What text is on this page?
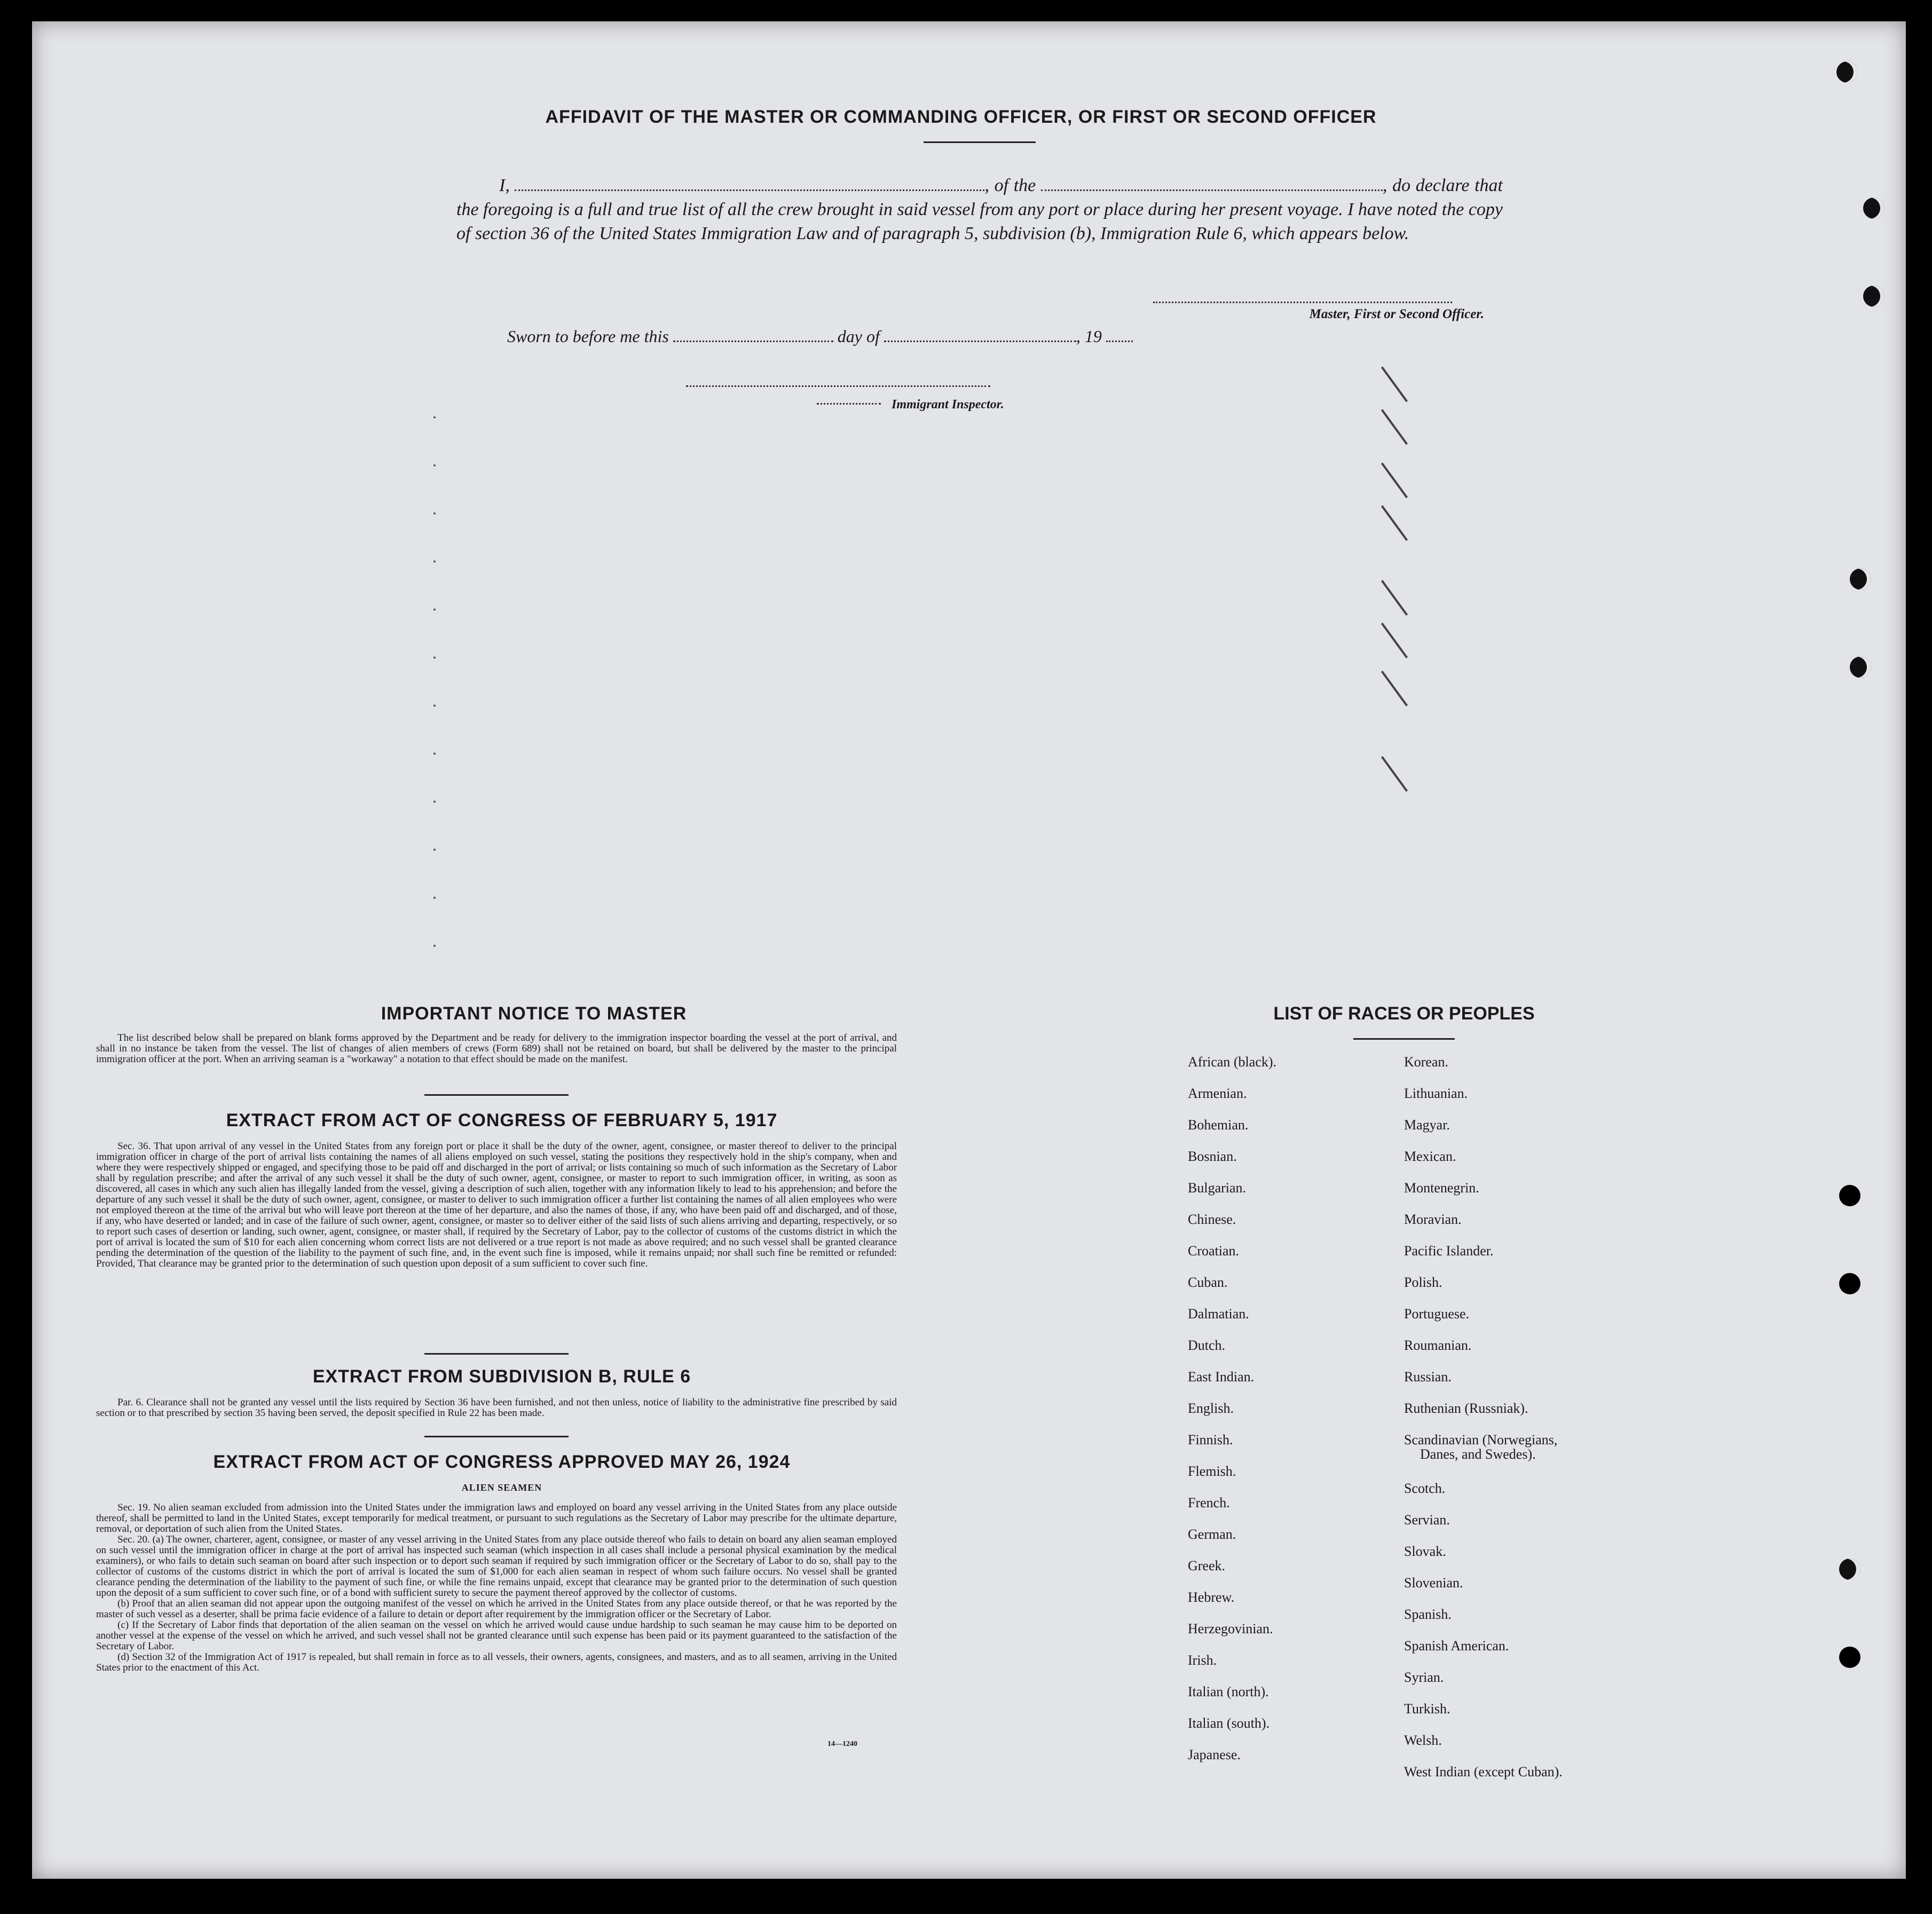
AFFIDAVIT OF THE MASTER OR COMMANDING OFFICER, OR FIRST OR SECOND OFFICER
I,	, of the	, do declare that the foregoing is a full and true list of all the crew brought in said vessel from any port or place during her present voyage. I have noted the copy of section 36 of the United States Immigration Law and of paragraph 5, subdivision (b), Immigration Rule 6, which appears below.
Master, First or Second Officer.
Sworn to before me this	day of	, 19
Immigrant Inspector.
IMPORTANT NOTICE TO MASTER

The list described below shall be prepared on blank forms approved by the Department and be ready for delivery to the immigration inspector boarding the vessel at the port of arrival, and shall in no instance be taken from the vessel. The list of changes of alien members of crews (Form 689) shall not be retained on board, but shall be delivered by the master to the principal immigration officer at the port. When an arriving seaman is a "workaway" a notation to that effect should be made on the manifest.

EXTRACT FROM ACT OF CONGRESS OF FEBRUARY 5, 1917

Sec. 36. That upon arrival of any vessel in the United States from any foreign port or place it shall be the duty of the owner, agent, consignee, or master thereof to deliver to the principal immigration officer in charge of the port of arrival lists containing the names of all aliens employed on such vessel, stating the positions they respectively hold in the ship's company, when and where they were respectively shipped or engaged, and specifying those to be paid off and discharged in the port of arrival; or lists containing so much of such information as the Secretary of Labor shall by regulation prescribe; and after the arrival of any such vessel it shall be the duty of such owner, agent, consignee, or master to report to such immigration officer, in writing, as soon as discovered, all cases in which any such alien has illegally landed from the vessel, giving a description of such alien, together with any information likely to lead to his apprehension; and before the departure of any such vessel it shall be the duty of such owner, agent, consignee, or master to deliver to such immigration officer a further list containing the names of all alien employees who were not employed thereon at the time of the arrival but who will leave port thereon at the time of her departure, and also the names of those, if any, who have been paid off and discharged, and of those, if any, who have deserted or landed; and in case of the failure of such owner, agent, consignee, or master so to deliver either of the said lists of such aliens arriving and departing, respectively, or so to report such cases of desertion or landing, such owner, agent, consignee, or master shall, if required by the Secretary of Labor, pay to the collector of customs of the customs district in which the port of arrival is located the sum of $10 for each alien concerning whom correct lists are not delivered or a true report is not made as above required; and no such vessel shall be granted clearance pending the determination of the question of the liability to the payment of such fine, and, in the event such fine is imposed, while it remains unpaid; nor shall such fine be remitted or refunded: Provided, That clearance may be granted prior to the determination of such question upon deposit of a sum sufficient to cover such fine.

EXTRACT FROM SUBDIVISION B, RULE 6

Par. 6. Clearance shall not be granted any vessel until the lists required by Section 36 have been furnished, and not then unless, notice of liability to the administrative fine prescribed by said section or to that prescribed by section 35 having been served, the deposit specified in Rule 22 has been made.

EXTRACT FROM ACT OF CONGRESS APPROVED MAY 26, 1924
ALIEN SEAMEN

Sec. 19. No alien seaman excluded from admission into the United States under the immigration laws and employed on board any vessel arriving in the United States from any place outside thereof, shall be permitted to land in the United States, except temporarily for medical treatment, or pursuant to such regulations as the Secretary of Labor may prescribe for the ultimate departure, removal, or deportation of such alien from the United States.

Sec. 20. (a) The owner, charterer, agent, consignee, or master of any vessel arriving in the United States from any place outside thereof who fails to detain on board any alien seaman employed on such vessel until the immigration officer in charge at the port of arrival has inspected such seaman (which inspection in all cases shall include a personal physical examination by the medical examiners), or who fails to detain such seaman on board after such inspection or to deport such seaman if required by such immigration officer or the Secretary of Labor to do so, shall pay to the collector of customs of the customs district in which the port of arrival is located the sum of $1,000 for each alien seaman in respect of whom such failure occurs. No vessel shall be granted clearance pending the determination of the liability to the payment of such fine, or while the fine remains unpaid, except that clearance may be granted prior to the determination of such question upon the deposit of a sum sufficient to cover such fine, or of a bond with sufficient surety to secure the payment thereof approved by the collector of customs.

(b) Proof that an alien seaman did not appear upon the outgoing manifest of the vessel on which he arrived in the United States from any place outside thereof, or that he was reported by the master of such vessel as a deserter, shall be prima facie evidence of a failure to detain or deport after requirement by the immigration officer or the Secretary of Labor.

(c) If the Secretary of Labor finds that deportation of the alien seaman on the vessel on which he arrived would cause undue hardship to such seaman he may cause him to be deported on another vessel at the expense of the vessel on which he arrived, and such vessel shall not be granted clearance until such expense has been paid or its payment guaranteed to the satisfaction of the Secretary of Labor.

(d) Section 32 of the Immigration Act of 1917 is repealed, but shall remain in force as to all vessels, their owners, agents, consignees, and masters, and as to all seamen, arriving in the United States prior to the enactment of this Act.

14—1240
LIST OF RACES OR PEOPLES
African (black).
Armenian.
Bohemian.
Bosnian.
Bulgarian.
Chinese.
Croatian.
Cuban.
Dalmatian.
Dutch.
East Indian.
English.
Finnish.
Flemish.
French.
German.
Greek.
Hebrew.
Herzegovinian.
Irish.
Italian (north).
Italian (south).
Japanese.
Korean.
Lithuanian.
Magyar.
Mexican.
Montenegrin.
Moravian.
Pacific Islander.
Polish.
Portuguese.
Roumanian.
Russian.
Ruthenian (Russniak).
Scandinavian (Norwegians,
Danes, and Swedes).
Scotch.
Servian.
Slovak.
Slovenian.
Spanish.
Spanish American.
Syrian.
Turkish.
Welsh.
West Indian (except Cuban).
